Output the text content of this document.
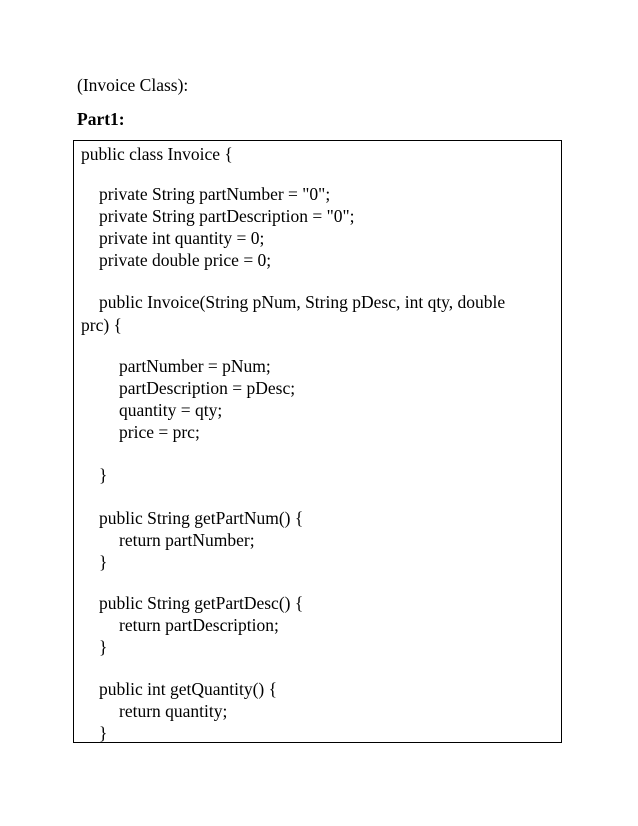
(Invoice Class):
Part1:
public class Invoice {
private String partNumber = "0";
private String partDescription = "0";
private int quantity = 0;
private double price = 0;
public Invoice(String pNum, String pDesc, int qty, double
prc) {
partNumber = pNum;
partDescription = pDesc;
quantity = qty;
price = prc;
}
public String getPartNum() {
return partNumber;
}
public String getPartDesc() {
return partDescription;
}
public int getQuantity() {
return quantity;
}
